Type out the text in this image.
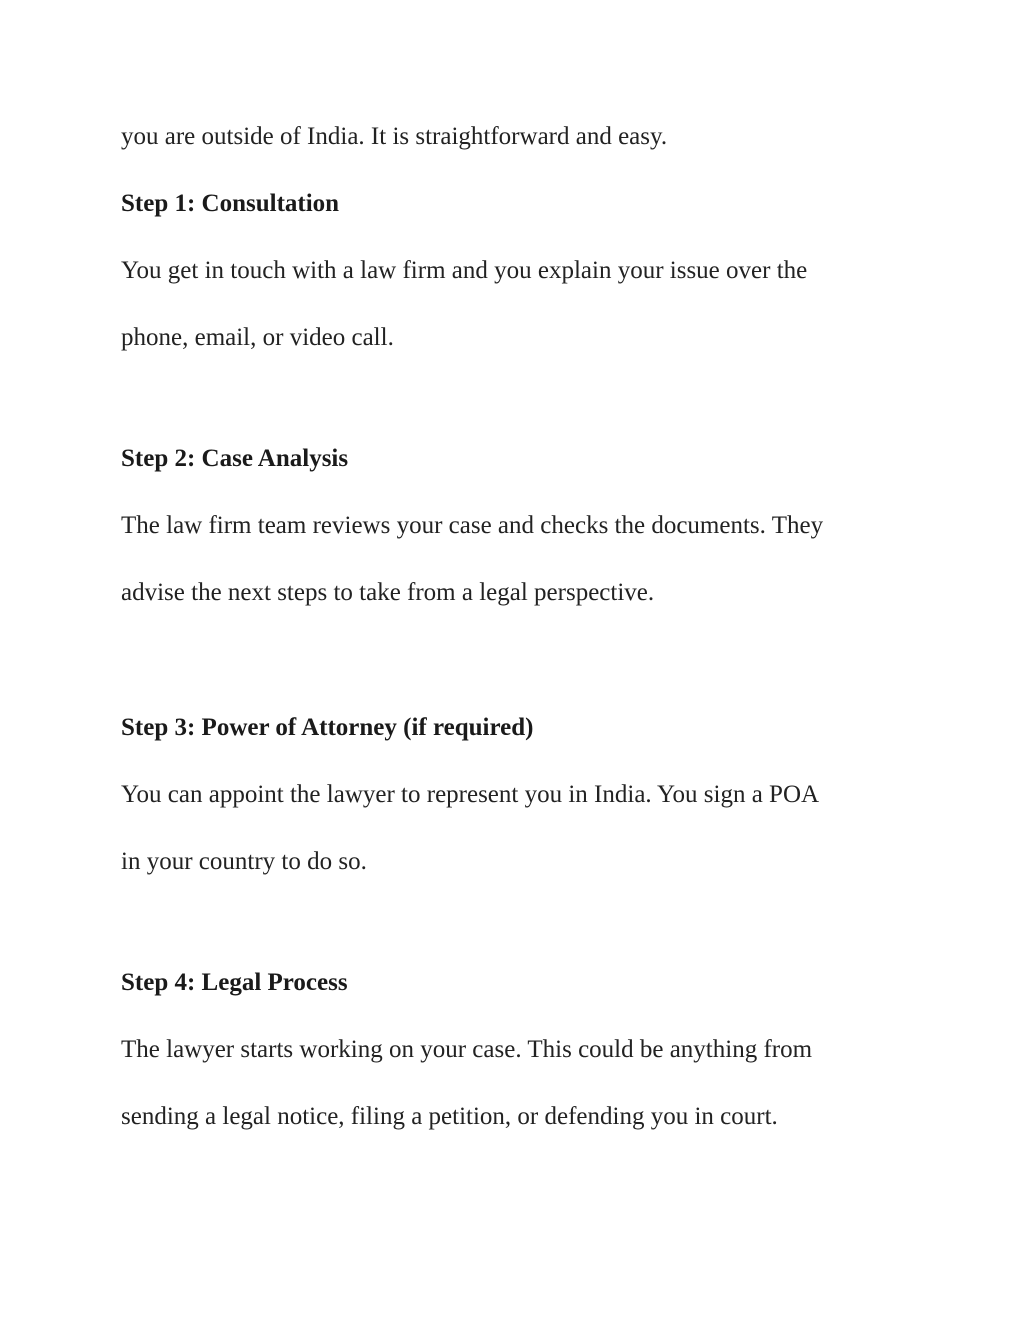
you are outside of India. It is straightforward and easy.

Step 1: Consultation

You get in touch with a law firm and you explain your issue over the

phone, email, or video call.

Step 2: Case Analysis

The law firm team reviews your case and checks the documents. They

advise the next steps to take from a legal perspective.

Step 3: Power of Attorney (if required)

You can appoint the lawyer to represent you in India. You sign a POA

in your country to do so.

Step 4: Legal Process

The lawyer starts working on your case. This could be anything from

sending a legal notice, filing a petition, or defending you in court.
